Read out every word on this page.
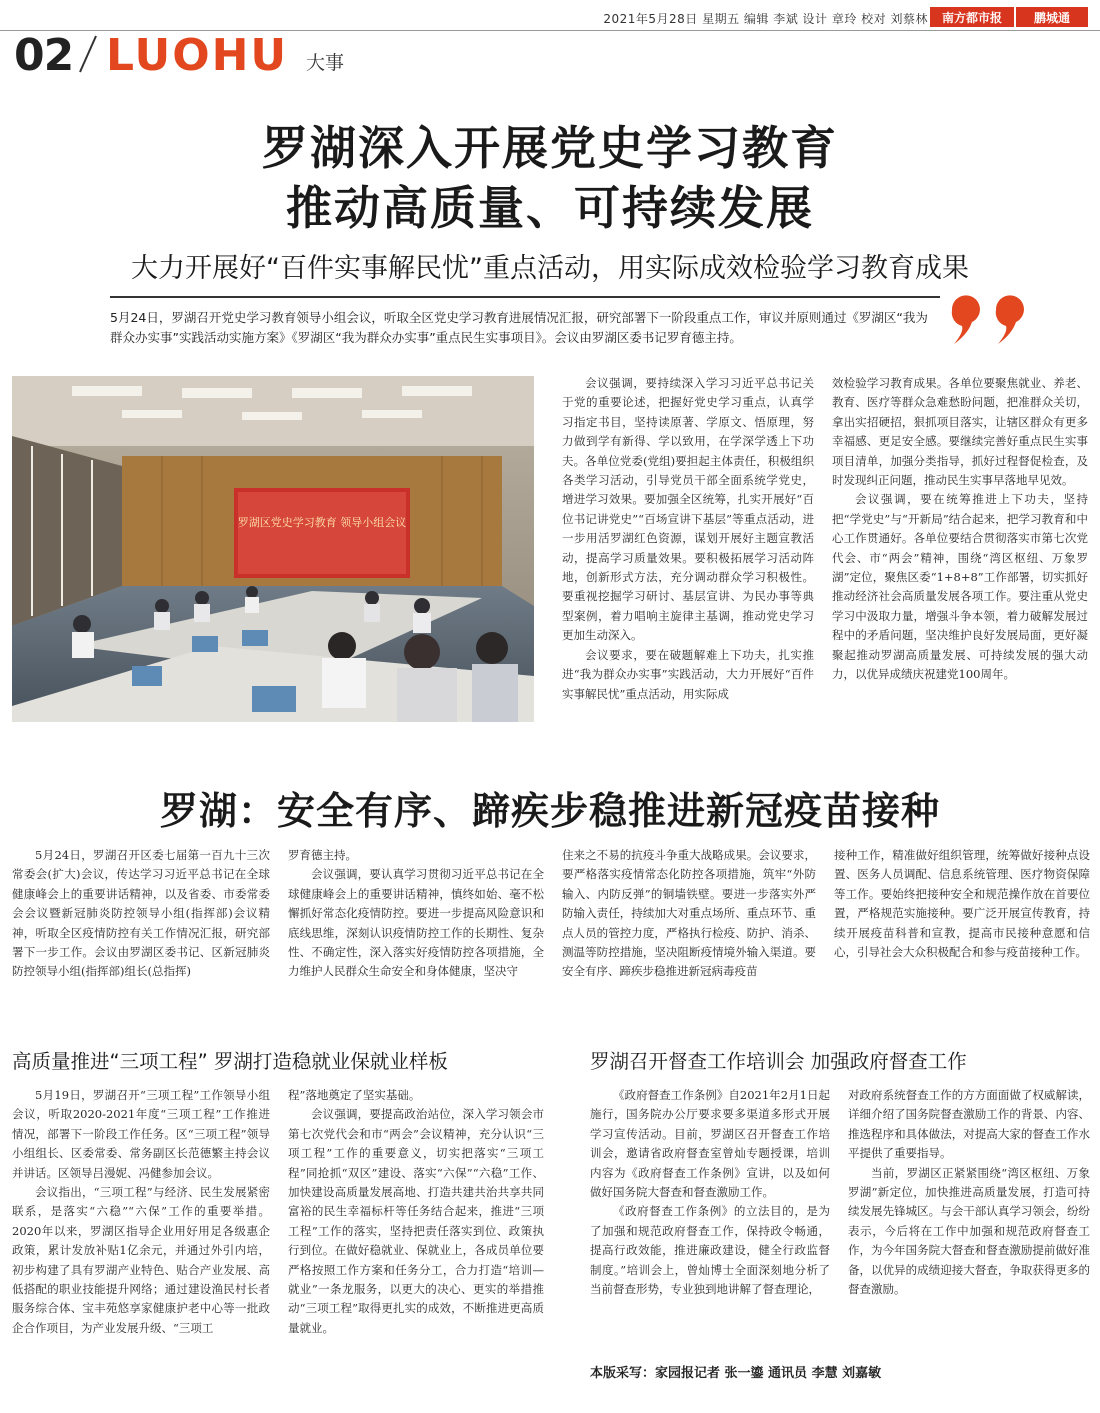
2021年5月28日 星期五 编辑 李斌 设计 章玲 校对 刘蔡林	南方都市报	鹏城通
02 LUOHU 大事
罗湖深入开展党史学习教育
推动高质量、可持续发展
大力开展好“百件实事解民忧”重点活动，用实际成效检验学习教育成果
5月24日，罗湖召开党史学习教育领导小组会议，听取全区党史学习教育进展情况汇报，研究部署下一阶段重点工作，审议并原则通过《罗湖区“我为群众办实事”实践活动实施方案》《罗湖区“我为群众办实事”重点民生实事项目》。会议由罗湖区委书记罗育德主持。
罗湖区党史学习教育 领导小组会议

会议强调，要持续深入学习习近平总书记关于党的重要论述，把握好党史学习重点，认真学习指定书目，坚持读原著、学原文、悟原理，努力做到学有新得、学以致用，在学深学透上下功夫。各单位党委(党组)要担起主体责任，积极组织各类学习活动，引导党员干部全面系统学党史，增进学习效果。要加强全区统筹，扎实开展好“百位书记讲党史”“百场宣讲下基层”等重点活动，进一步用活罗湖红色资源，谋划开展好主题宣教活动，提高学习质量效果。要积极拓展学习活动阵地，创新形式方法，充分调动群众学习积极性。要重视挖掘学习研讨、基层宣讲、为民办事等典型案例，着力唱响主旋律主基调，推动党史学习更加生动深入。

会议要求，要在破题解难上下功夫，扎实推进“我为群众办实事”实践活动，大力开展好“百件实事解民忧”重点活动，用实际成

效检验学习教育成果。各单位要聚焦就业、养老、教育、医疗等群众急难愁盼问题，把准群众关切，拿出实招硬招，狠抓项目落实，让辖区群众有更多幸福感、更足安全感。要继续完善好重点民生实事项目清单，加强分类指导，抓好过程督促检查，及时发现纠正问题，推动民生实事早落地早见效。

会议强调，要在统筹推进上下功夫，坚持把“学党史”与“开新局”结合起来，把学习教育和中心工作贯通好。各单位要结合贯彻落实市第七次党代会、市“两会”精神，围绕“湾区枢纽、万象罗湖”定位，聚焦区委“1+8+8”工作部署，切实抓好推动经济社会高质量发展各项工作。要注重从党史学习中汲取力量，增强斗争本领，着力破解发展过程中的矛盾问题，坚决维护良好发展局面，更好凝聚起推动罗湖高质量发展、可持续发展的强大动力，以优异成绩庆祝建党100周年。

罗湖：安全有序、蹄疾步稳推进新冠疫苗接种

5月24日，罗湖召开区委七届第一百九十三次常委会(扩大)会议，传达学习习近平总书记在全球健康峰会上的重要讲话精神，以及省委、市委常委会会议暨新冠肺炎防控领导小组(指挥部)会议精神，听取全区疫情防控有关工作情况汇报，研究部署下一步工作。会议由罗湖区委书记、区新冠肺炎防控领导小组(指挥部)组长(总指挥)

罗育德主持。

会议强调，要认真学习贯彻习近平总书记在全球健康峰会上的重要讲话精神，慎终如始、毫不松懈抓好常态化疫情防控。要进一步提高风险意识和底线思维，深刻认识疫情防控工作的长期性、复杂性、不确定性，深入落实好疫情防控各项措施，全力维护人民群众生命安全和身体健康，坚决守

住来之不易的抗疫斗争重大战略成果。会议要求，要严格落实疫情常态化防控各项措施，筑牢“外防输入、内防反弹”的铜墙铁壁。要进一步落实外严防输入责任，持续加大对重点场所、重点环节、重点人员的管控力度，严格执行检疫、防护、消杀、测温等防控措施，坚决阻断疫情境外输入渠道。要安全有序、蹄疾步稳推进新冠病毒疫苗

接种工作，精准做好组织管理，统筹做好接种点设置、医务人员调配、信息系统管理、医疗物资保障等工作。要始终把接种安全和规范操作放在首要位置，严格规范实施接种。要广泛开展宣传教育，持续开展疫苗科普和宣教，提高市民接种意愿和信心，引导社会大众积极配合和参与疫苗接种工作。

高质量推进“三项工程” 罗湖打造稳就业保就业样板

5月19日，罗湖召开“三项工程”工作领导小组会议，听取2020-2021年度“三项工程”工作推进情况，部署下一阶段工作任务。区“三项工程”领导小组组长、区委常委、常务副区长范德繁主持会议并讲话。区领导吕漫妮、冯健参加会议。

会议指出，“三项工程”与经济、民生发展紧密联系，是落实“六稳”“六保”工作的重要举措。2020年以来，罗湖区指导企业用好用足各级惠企政策，累计发放补贴1亿余元，并通过外引内培，初步构建了具有罗湖产业特色、贴合产业发展、高低搭配的职业技能提升网络；通过建设渔民村长者服务综合体、宝丰苑悠享家健康护老中心等一批政企合作项目，为产业发展升级、“三项工

程”落地奠定了坚实基础。

会议强调，要提高政治站位，深入学习领会市第七次党代会和市“两会”会议精神，充分认识“三项工程”工作的重要意义，切实把落实“三项工程”同抢抓“双区”建设、落实“六保”“六稳”工作、加快建设高质量发展高地、打造共建共治共享共同富裕的民生幸福标杆等任务结合起来，推进“三项工程”工作的落实，坚持把责任落实到位、政策执行到位。在做好稳就业、保就业上，各成员单位要严格按照工作方案和任务分工，合力打造“培训—就业”一条龙服务，以更大的决心、更实的举措推动“三项工程”取得更扎实的成效，不断推进更高质量就业。

罗湖召开督查工作培训会 加强政府督查工作

《政府督查工作条例》自2021年2月1日起施行，国务院办公厅要求要多渠道多形式开展学习宣传活动。目前，罗湖区召开督查工作培训会，邀请省政府督查室曾灿专题授课，培训内容为《政府督查工作条例》宣讲，以及如何做好国务院大督查和督查激励工作。

《政府督查工作条例》的立法目的，是为了加强和规范政府督查工作，保持政令畅通，提高行政效能，推进廉政建设，健全行政监督制度。”培训会上，曾灿博士全面深刻地分析了当前督查形势，专业独到地讲解了督查理论，

对政府系统督查工作的方方面面做了权威解读，详细介绍了国务院督查激励工作的背景、内容、推选程序和具体做法，对提高大家的督查工作水平提供了重要指导。

当前，罗湖区正紧紧围绕“湾区枢纽、万象罗湖”新定位，加快推进高质量发展，打造可持续发展先锋城区。与会干部认真学习领会，纷纷表示，今后将在工作中加强和规范政府督查工作，为今年国务院大督查和督查激励提前做好准备，以优异的成绩迎接大督查，争取获得更多的督查激励。

本版采写：家园报记者 张一鎏 通讯员 李慧 刘嘉敏
